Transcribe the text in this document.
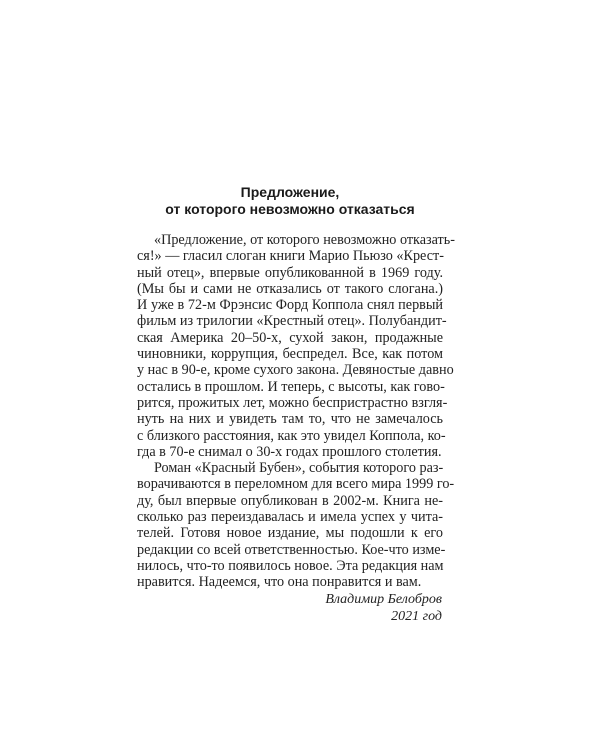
Предложение,
от которого невозможно отказаться
«Предложение, от которого невозможно отказать-
ся!» — гласил слоган книги Марио Пьюзо «Крест-
ный отец», впервые опубликованной в 1969 году.
(Мы бы и сами не отказались от такого слогана.)
И уже в 72-м Фрэнсис Форд Коппола снял первый
фильм из трилогии «Крестный отец». Полубандит-
ская Америка 20–50-х, сухой закон, продажные
чиновники, коррупция, беспредел. Все, как потом
у нас в 90-е, кроме сухого закона. Девяностые давно
остались в прошлом. И теперь, с высоты, как гово-
рится, прожитых лет, можно беспристрастно взгля-
нуть на них и увидеть там то, что не замечалось
с близкого расстояния, как это увидел Коппола, ко-
гда в 70-е снимал о 30-х годах прошлого столетия.
Роман «Красный Бубен», события которого раз-
ворачиваются в переломном для всего мира 1999 го-
ду, был впервые опубликован в 2002-м. Книга не-
сколько раз переиздавалась и имела успех у чита-
телей. Готовя новое издание, мы подошли к его
редакции со всей ответственностью. Кое-что изме-
нилось, что-то появилось новое. Эта редакция нам
нравится. Надеемся, что она понравится и вам.
Владимир Белобров
2021 год
